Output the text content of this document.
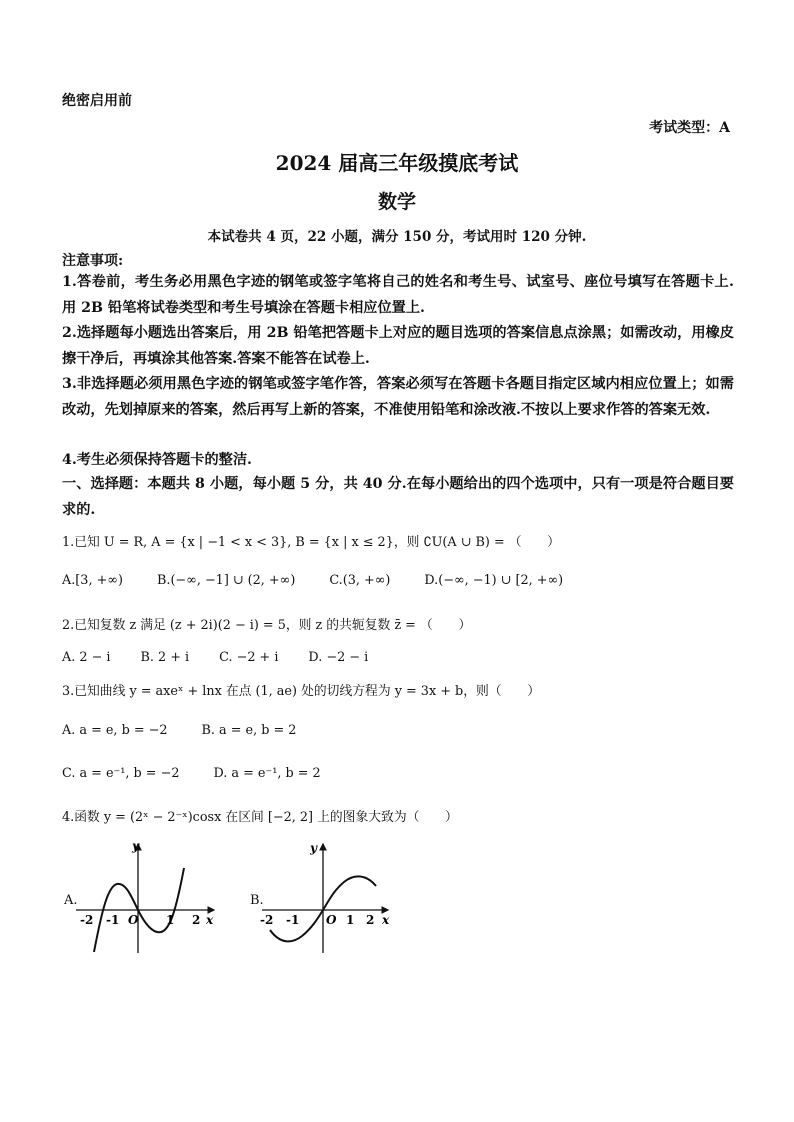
绝密启用前
考试类型：A
2024 届高三年级摸底考试
数学
本试卷共 4 页，22 小题，满分 150 分，考试用时 120 分钟.
注意事项:
1.答卷前，考生务必用黑色字迹的钢笔或签字笔将自己的姓名和考生号、试室号、座位号填写在答题卡上.用 2B 铅笔将试卷类型和考生号填涂在答题卡相应位置上.
2.选择题每小题选出答案后，用 2B 铅笔把答题卡上对应的题目选项的答案信息点涂黑；如需改动，用橡皮擦干净后，再填涂其他答案.答案不能答在试卷上.
3.非选择题必须用黑色字迹的钢笔或签字笔作答，答案必须写在答题卡各题目指定区域内相应位置上；如需改动，先划掉原来的答案，然后再写上新的答案，不准使用铅笔和涂改液.不按以上要求作答的答案无效.
4.考生必须保持答题卡的整洁.
一、选择题：本题共 8 小题，每小题 5 分，共 40 分.在每小题给出的四个选项中，只有一项是符合题目要求的.
1.已知 U = R, A = {x | −1 < x < 3}, B = {x | x ≤ 2}，则 ∁U(A ∪ B) = （　　）
A.[3, +∞)	B.(−∞, −1] ∪ (2, +∞)	C.(3, +∞)	D.(−∞, −1) ∪ [2, +∞)
2.已知复数 z 满足 (z + 2i)(2 − i) = 5，则 z 的共轭复数 z̄ = （　　）
A. 2 − i B. 2 + i C. −2 + i D. −2 − i
3.已知曲线 y = axeˣ + lnx 在点 (1, ae) 处的切线方程为 y = 3x + b，则（　　）
A. a = e, b = −2	B. a = e, b = 2
C. a = e⁻¹, b = −2	D. a = e⁻¹, b = 2
4.函数 y = (2ˣ − 2⁻ˣ)cosx 在区间 [−2, 2] 上的图象大致为（　　）
A.
y
x
O
-2 -1	1 2
B.
y
x
O
-2 -1	1 2
